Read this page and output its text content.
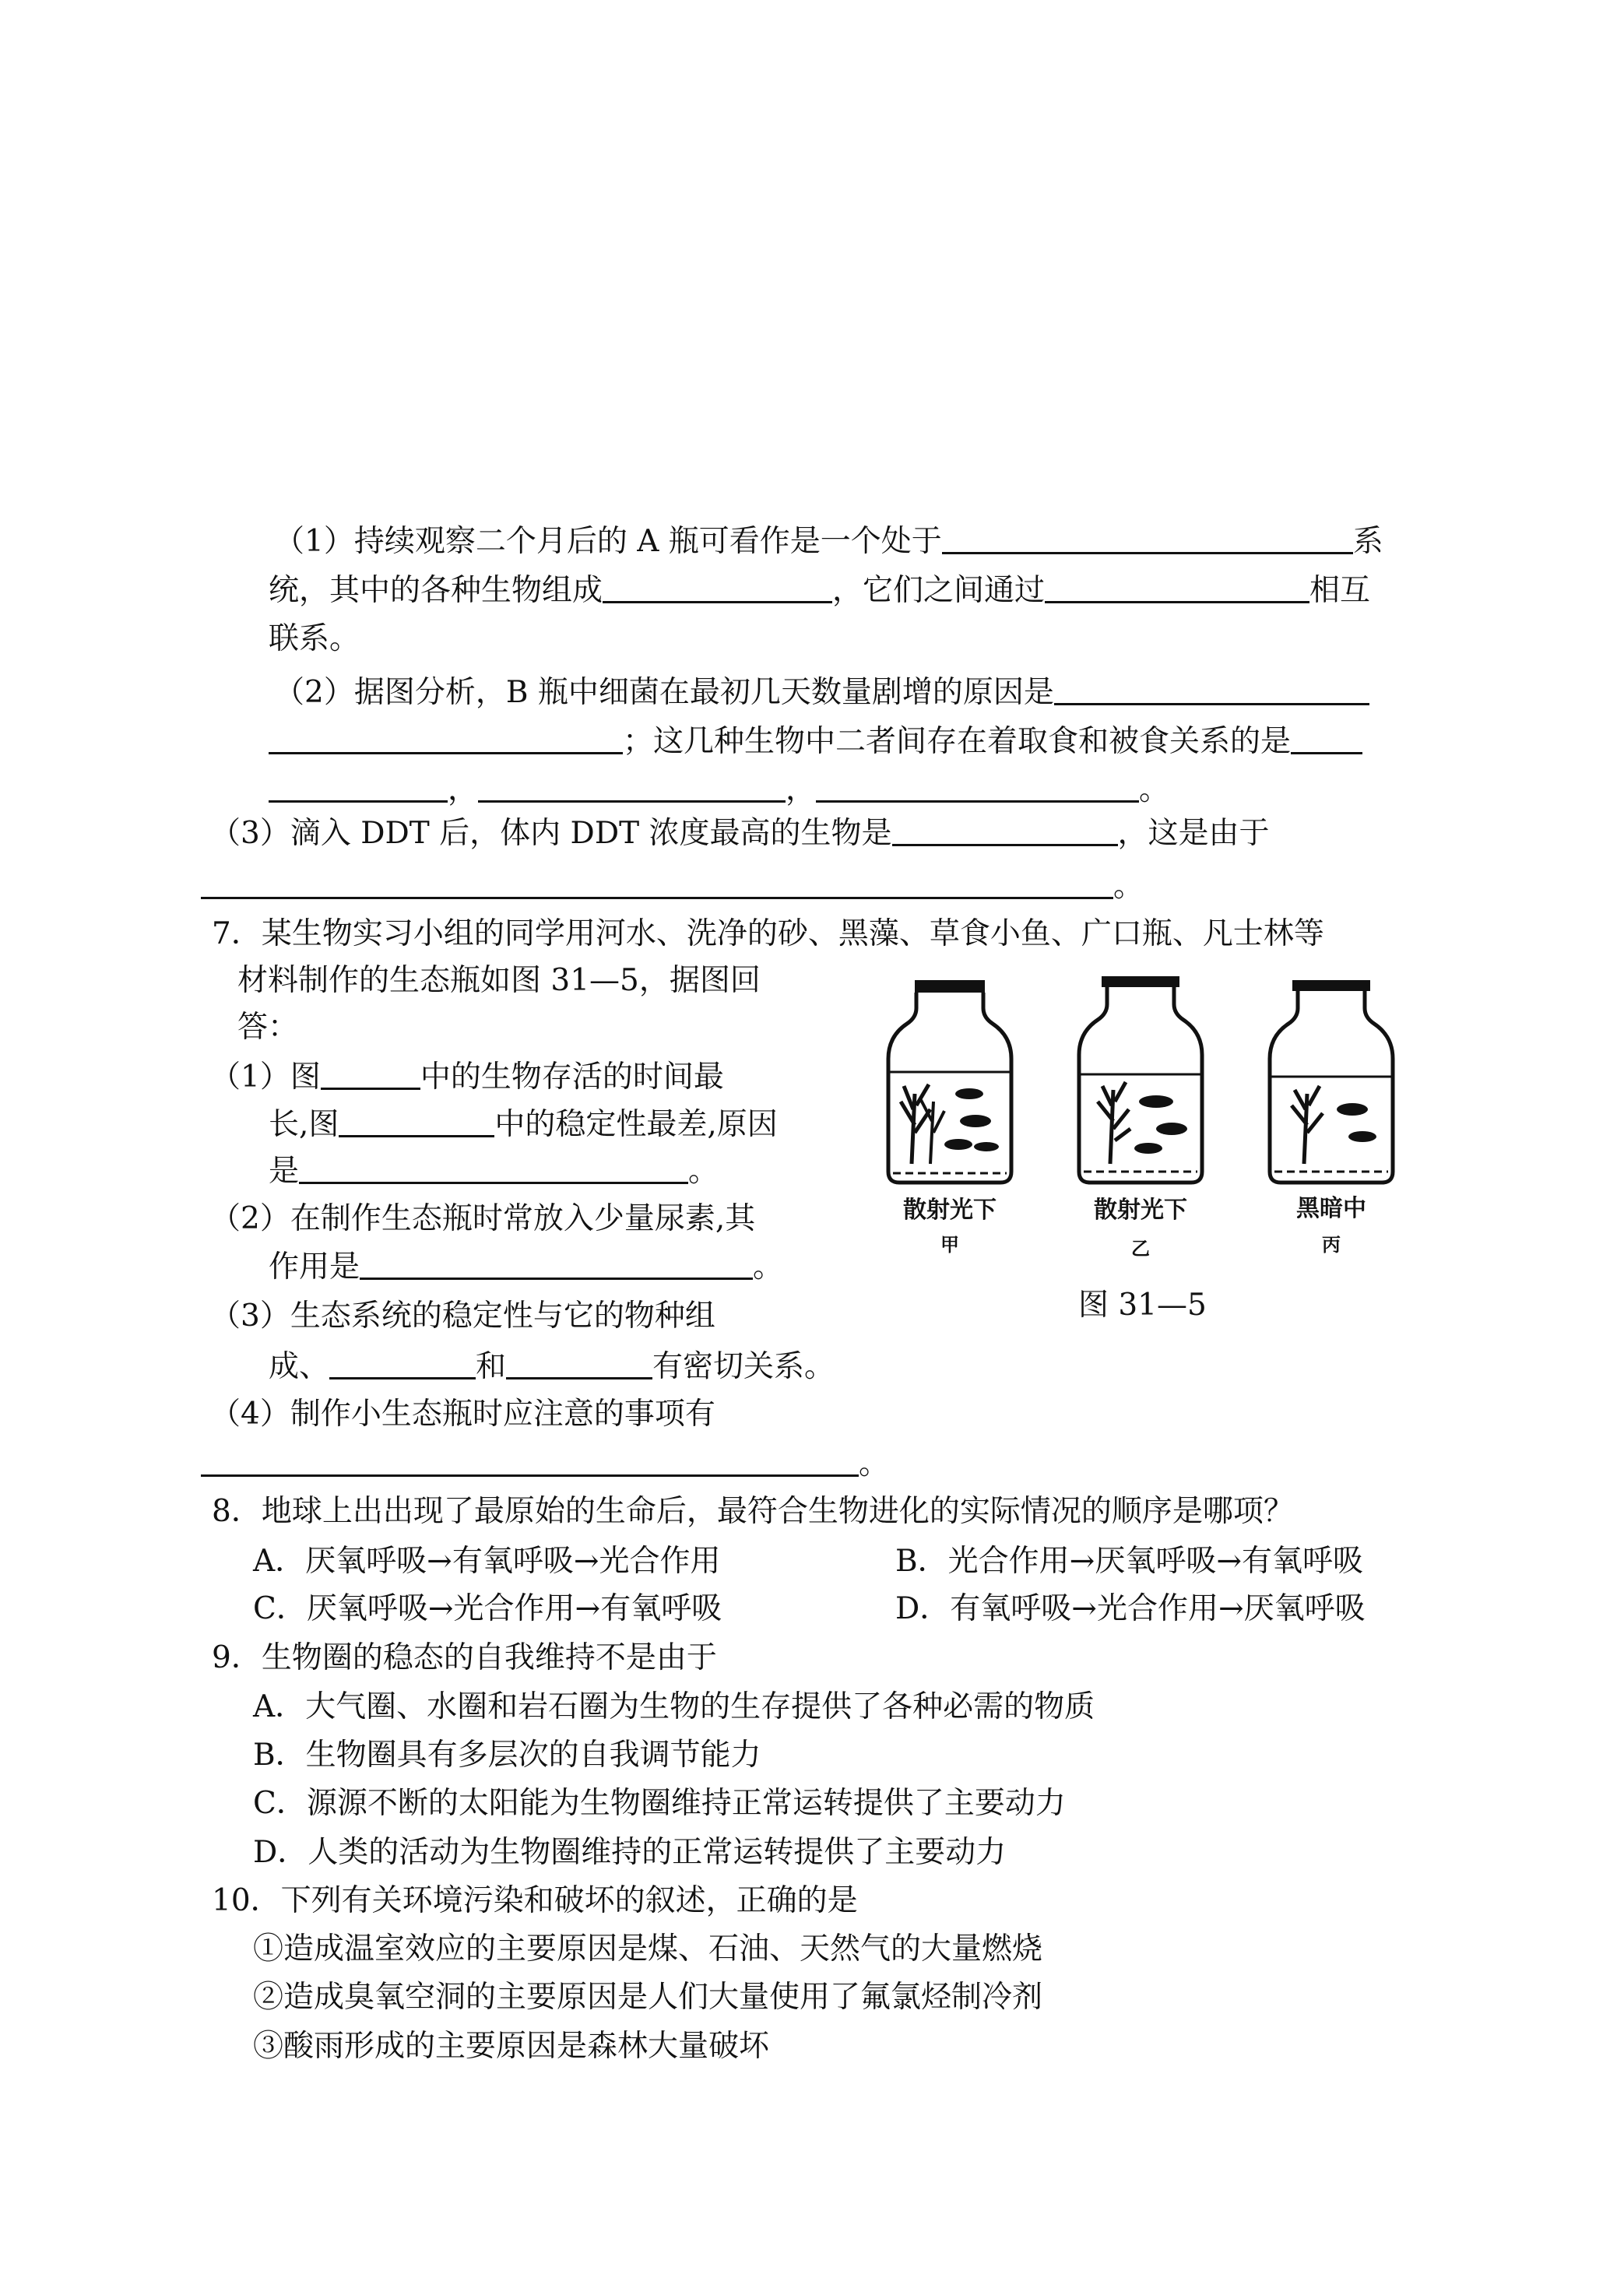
（1）持续观察二个月后的 A 瓶可看作是一个处于	系
统，其中的各种生物组成	，它们之间通过	相互
联系。
（2）据图分析，B 瓶中细菌在最初几天数量剧增的原因是
；这几种生物中二者间存在着取食和被食关系的是
，	，	。
（3）滴入 DDT 后，体内 DDT 浓度最高的生物是	，这是由于
。
7．某生物实习小组的同学用河水、洗净的砂、黑藻、草食小鱼、广口瓶、凡士林等
材料制作的生态瓶如图 31—5，据图回
答：
（1）图	中的生物存活的时间最
长,图	中的稳定性最差,原因
是	。
（2）在制作生态瓶时常放入少量尿素,其
作用是	。
（3）生态系统的稳定性与它的物种组
成、	和	有密切关系。
（4）制作小生态瓶时应注意的事项有
。
散射光下
甲
散射光下
乙
黑暗中
丙
图 31—5
8．地球上出出现了最原始的生命后，最符合生物进化的实际情况的顺序是哪项？
A．厌氧呼吸→有氧呼吸→光合作用	B．光合作用→厌氧呼吸→有氧呼吸
C．厌氧呼吸→光合作用→有氧呼吸	D．有氧呼吸→光合作用→厌氧呼吸
9．生物圈的稳态的自我维持不是由于
A．大气圈、水圈和岩石圈为生物的生存提供了各种必需的物质
B．生物圈具有多层次的自我调节能力
C．源源不断的太阳能为生物圈维持正常运转提供了主要动力
D．人类的活动为生物圈维持的正常运转提供了主要动力
10．下列有关环境污染和破坏的叙述，正确的是
①造成温室效应的主要原因是煤、石油、天然气的大量燃烧
②造成臭氧空洞的主要原因是人们大量使用了氟氯烃制冷剂
③酸雨形成的主要原因是森林大量破坏
